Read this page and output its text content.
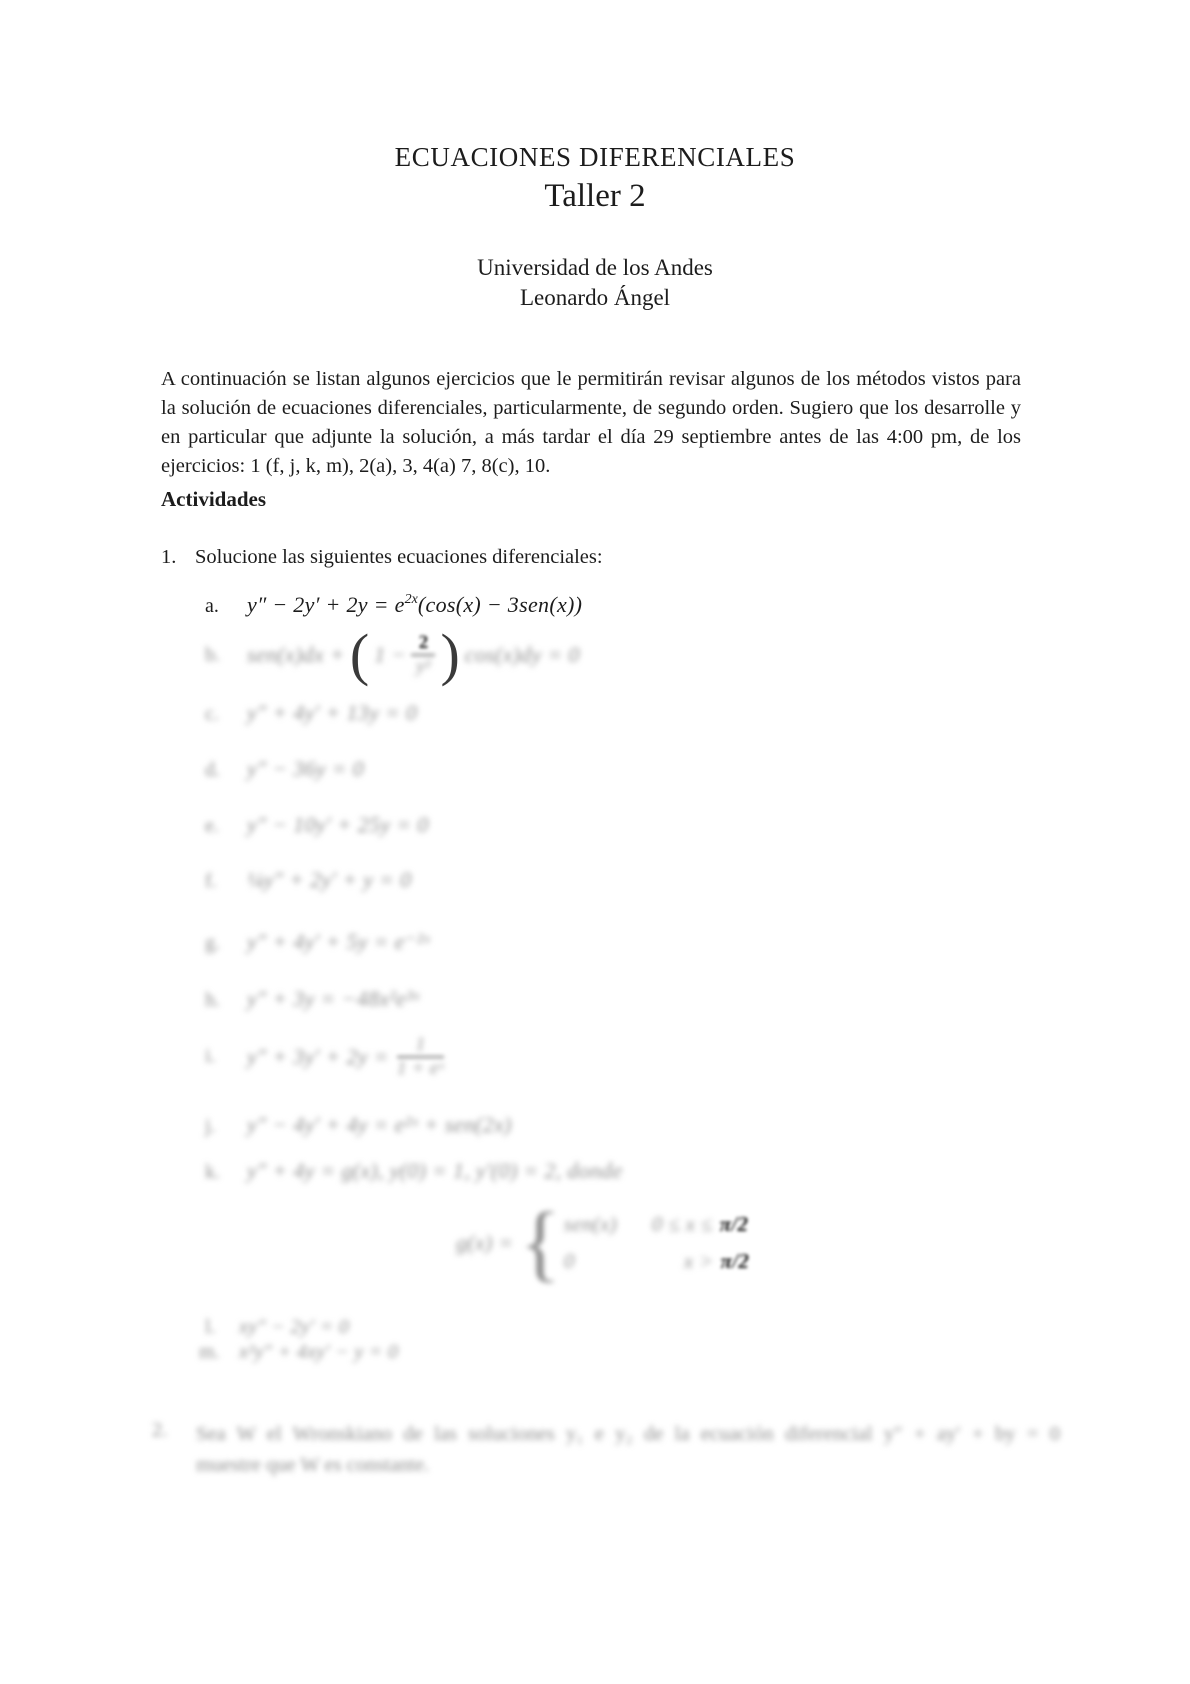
ECUACIONES DIFERENCIALES
Taller 2
Universidad de los Andes
Leonardo Ángel

A continuación se listan algunos ejercicios que le permitirán revisar algunos de los métodos vistos para la solución de ecuaciones diferenciales, particularmente, de segundo orden. Sugiero que los desarrolle y en particular que adjunte la solución, a más tardar el día 29 septiembre antes de las 4:00 pm, de los ejercicios: 1 (f, j, k, m), 2(a), 3, 4(a) 7, 8(c), 10.

Actividades
1. Solucione las siguientes ecuaciones diferenciales:
a.	y″ − 2y′ + 2y = e 2x (cos(x) − 3sen(x))
b.	sen(x)dx + ( $1 - \frac{2}{\text{y²}}$ ) cos(x)dy = 0
c.	y″ + 4y′ + 13y = 0
d.	y″ − 36y = 0
e.	y″ − 10y′ + 25y = 0
f.	¼y″ + 2y′ + y = 0
g.	y″ + 4y′ + 5y = e⁻²ˣ
h.	y″ + 3y = −48x²e³ˣ
i.	$y'' + 3y' + 2y = \frac{1}{\text{1 + eˣ}}$
j.	y″ − 4y′ + 4y = e²ˣ + sen(2x)
k.	y″ + 4y = g(x), y(0) = 1, y′(0) = 2, donde
g(x) = { sen(x)	0 ≤ x ≤ π/2
0	x > π/2
l.	xy″ − 2y′ = 0
m. x²y″ + 4xy′ − y = 0
2.	Sea W el Wronskiano de las soluciones y₁ e y₂ de la ecuación diferencial y″ + ay′ + by = 0
muestre que W es constante.
